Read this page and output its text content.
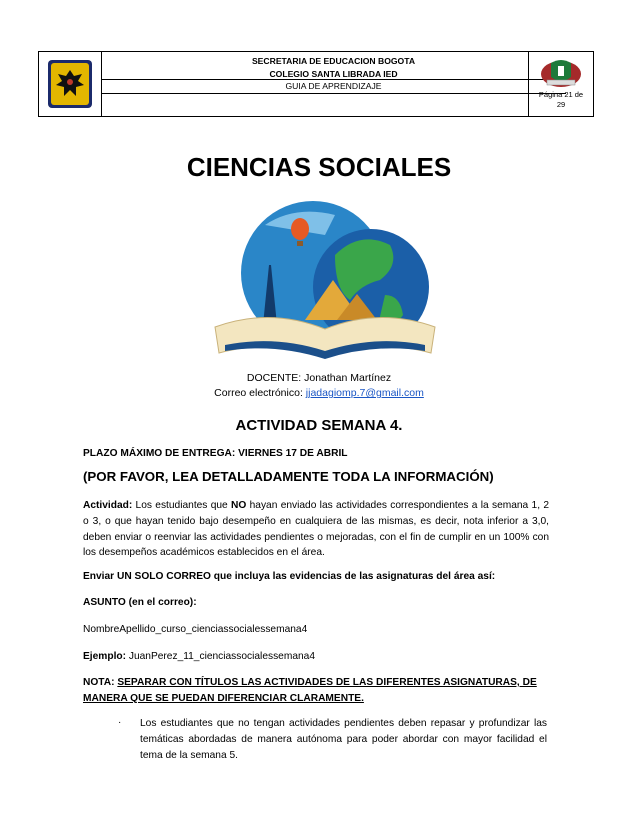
SECRETARIA DE EDUCACION BOGOTA
COLEGIO SANTA LIBRADA IED
GUIA DE APRENDIZAJE
Página 21 de
29
CIENCIAS SOCIALES
DOCENTE: Jonathan Martínez
Correo electrónico: jjadagiomp.7@gmail.com
ACTIVIDAD SEMANA 4.
PLAZO MÁXIMO DE ENTREGA: VIERNES 17 DE ABRIL
(POR FAVOR, LEA DETALLADAMENTE TODA LA INFORMACIÓN)
Actividad: Los estudiantes que NO hayan enviado las actividades correspondientes a la semana 1, 2 o 3, o que hayan tenido bajo desempeño en cualquiera de las mismas, es decir, nota inferior a 3,0, deben enviar o reenviar las actividades pendientes o mejoradas, con el fin de cumplir en un 100% con los desempeños académicos establecidos en el área.
Enviar UN SOLO CORREO que incluya las evidencias de las asignaturas del área así:
ASUNTO (en el correo):
NombreApellido_curso_cienciassocialessemana4
Ejemplo: JuanPerez_11_cienciassocialessemana4
NOTA: SEPARAR CON TÍTULOS LAS ACTIVIDADES DE LAS DIFERENTES ASIGNATURAS, DE MANERA QUE SE PUEDAN DIFERENCIAR CLARAMENTE.
· Los estudiantes que no tengan actividades pendientes deben repasar y profundizar las temáticas abordadas de manera autónoma para poder abordar con mayor facilidad el tema de la semana 5.
